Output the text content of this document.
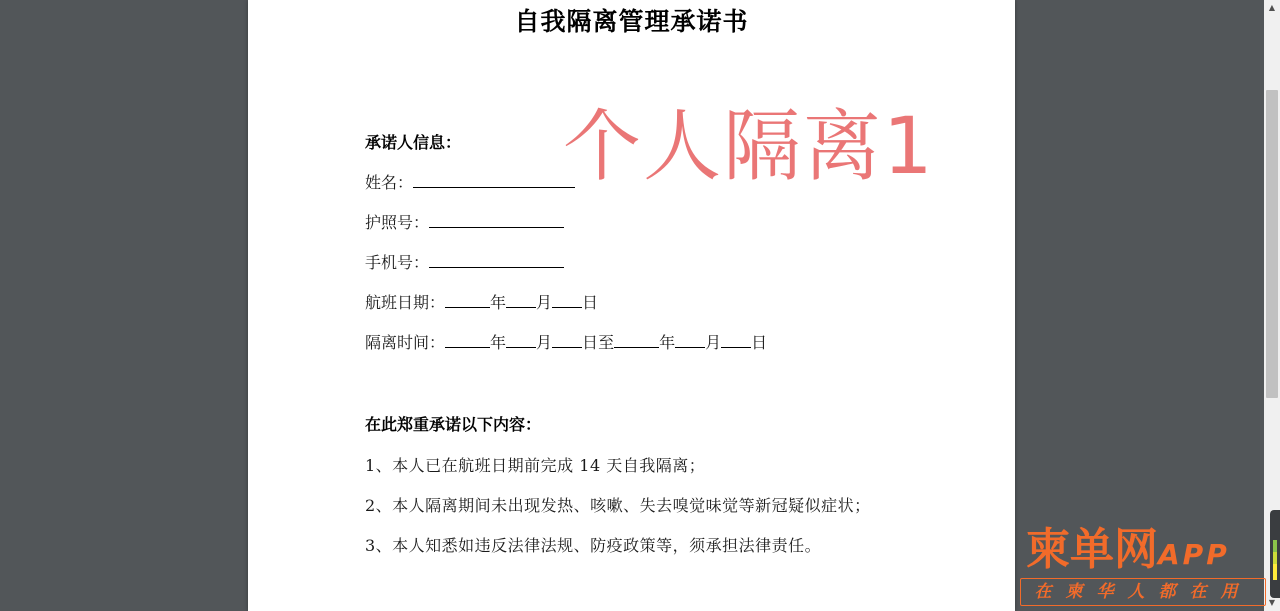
自我隔离管理承诺书
承诺人信息：
姓名：
护照号：
手机号：
航班日期：	年 月 日
隔离时间：	年 月 日至	年 月 日
在此郑重承诺以下内容：
1、本人已在航班日期前完成 14 天自我隔离；
2、本人隔离期间未出现发热、咳嗽、失去嗅觉味觉等新冠疑似症状；
3、本人知悉如违反法律法规、防疫政策等，须承担法律责任。
个人隔离1
▲
▼
柬单网APP
在柬华人都在用
